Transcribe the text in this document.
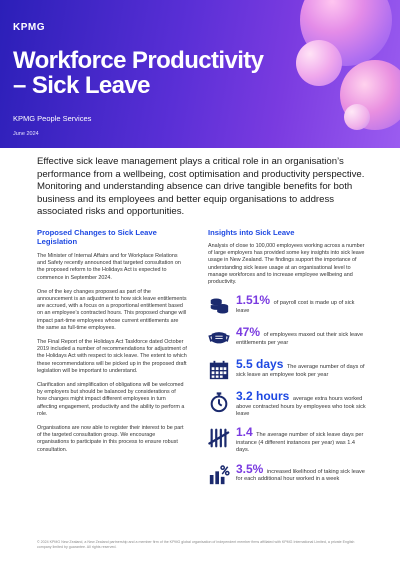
KPMG
Workforce Productivity
– Sick Leave
KPMG People Services
June 2024

Effective sick leave management plays a critical role in an organisation’s performance from a wellbeing, cost optimisation and productivity perspective. Monitoring and understanding absence can drive tangible benefits for both business and its employees and better equip organisations to address associated risks and opportunities.

Proposed Changes to Sick Leave Legislation

The Minister of Internal Affairs and for Workplace Relations and Safety recently announced that targeted consultation on the proposed reform to the Holidays Act is expected to commence in September 2024.

One of the key changes proposed as part of the announcement is an adjustment to how sick leave entitlements are accrued, with a focus on a proportional entitlement based on an employee’s contracted hours. This proposed change will impact part-time employees whose current entitlements are the same as full-time employees.

The Final Report of the Holidays Act Taskforce dated October 2019 included a number of recommendations for adjustment of the Holidays Act with respect to sick leave. The extent to which these recommendations will be picked up in the proposed draft legislation will be important to understand.

Clarification and simplification of obligations will be welcomed by employers but should be balanced by considerations of how changes might impact different employees in turn affecting engagement, productivity and the ability to perform a role.

Organisations are now able to register their interest to be part of the targeted consultation group. We encourage organisations to participate in this process to ensure robust consultation.

Insights into Sick Leave

Analysis of close to 100,000 employees working across a number of large employers has provided some key insights into sick leave usage in New Zealand. The findings support the importance of understanding sick leave usage at an organisational level to manage workforces and to increase employee wellbeing and productivity.

1.51% of payroll cost is made up of sick leave
47% of employees maxed out their sick leave entitlements per year
5.5 days The average number of days of sick leave an employee took per year
3.2 hours average extra hours worked above contracted hours by employees who took sick leave
1.4 The average number of sick leave days per instance (4 different instances per year) was 1.4 days.
3.5% increased likelihood of taking sick leave for each additional hour worked in a week

© 2024 KPMG New Zealand, a New Zealand partnership and a member firm of the KPMG global organisation of independent member firms affiliated with KPMG International Limited, a private English company limited by guarantee. All rights reserved.
